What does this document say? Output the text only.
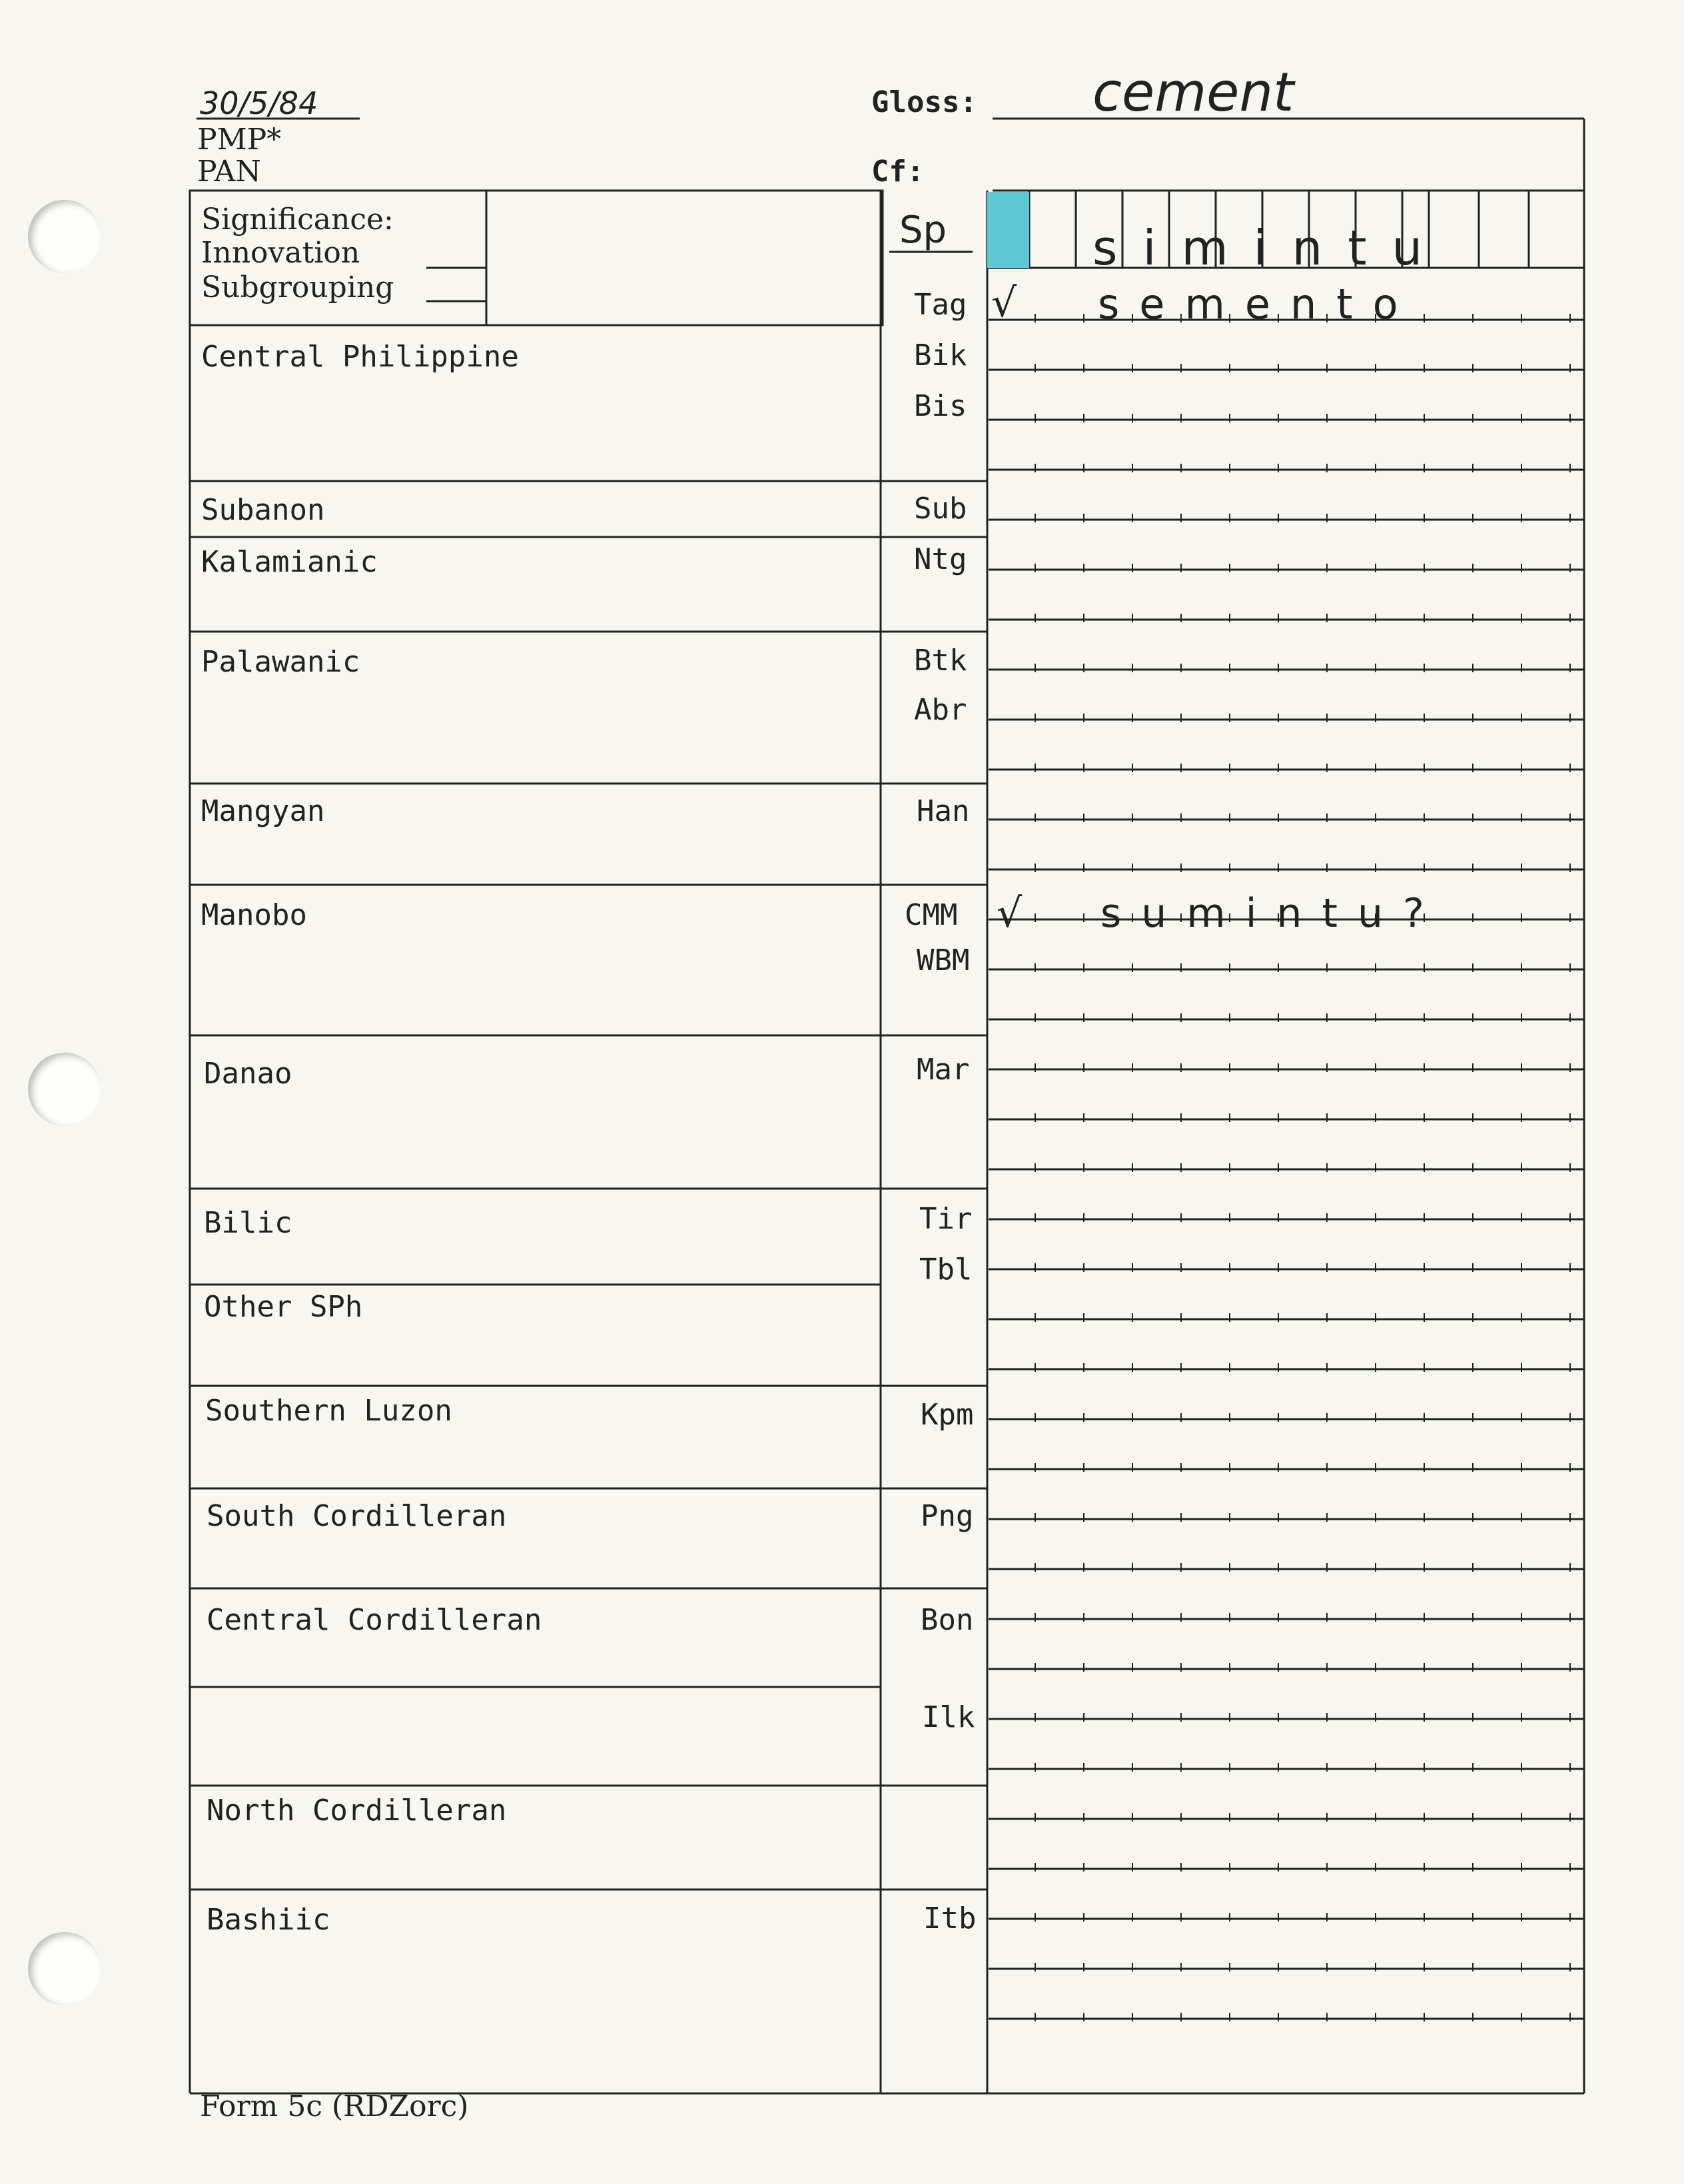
30/5/84
PMP*
PAN
Gloss: cement
Cf:
Significance:
Innovation
Subgrouping
Sp
Tag
Central Philippine
Subanon
Kalamianic
Palawanic
Mangyan
Manobo
Danao
Bilic
Other SPh
Southern Luzon
South Cordilleran
Central Cordilleran
North Cordilleran
Bashiic
Bik
Bis
Sub
Ntg
Btk
Abr
Han
CMM
WBM
Mar
Tir
Tbl
Kpm
Png
Bon
Ilk
Itb
simintu
√ semento
√ sumintu?
Form 5c (RDZorc)
